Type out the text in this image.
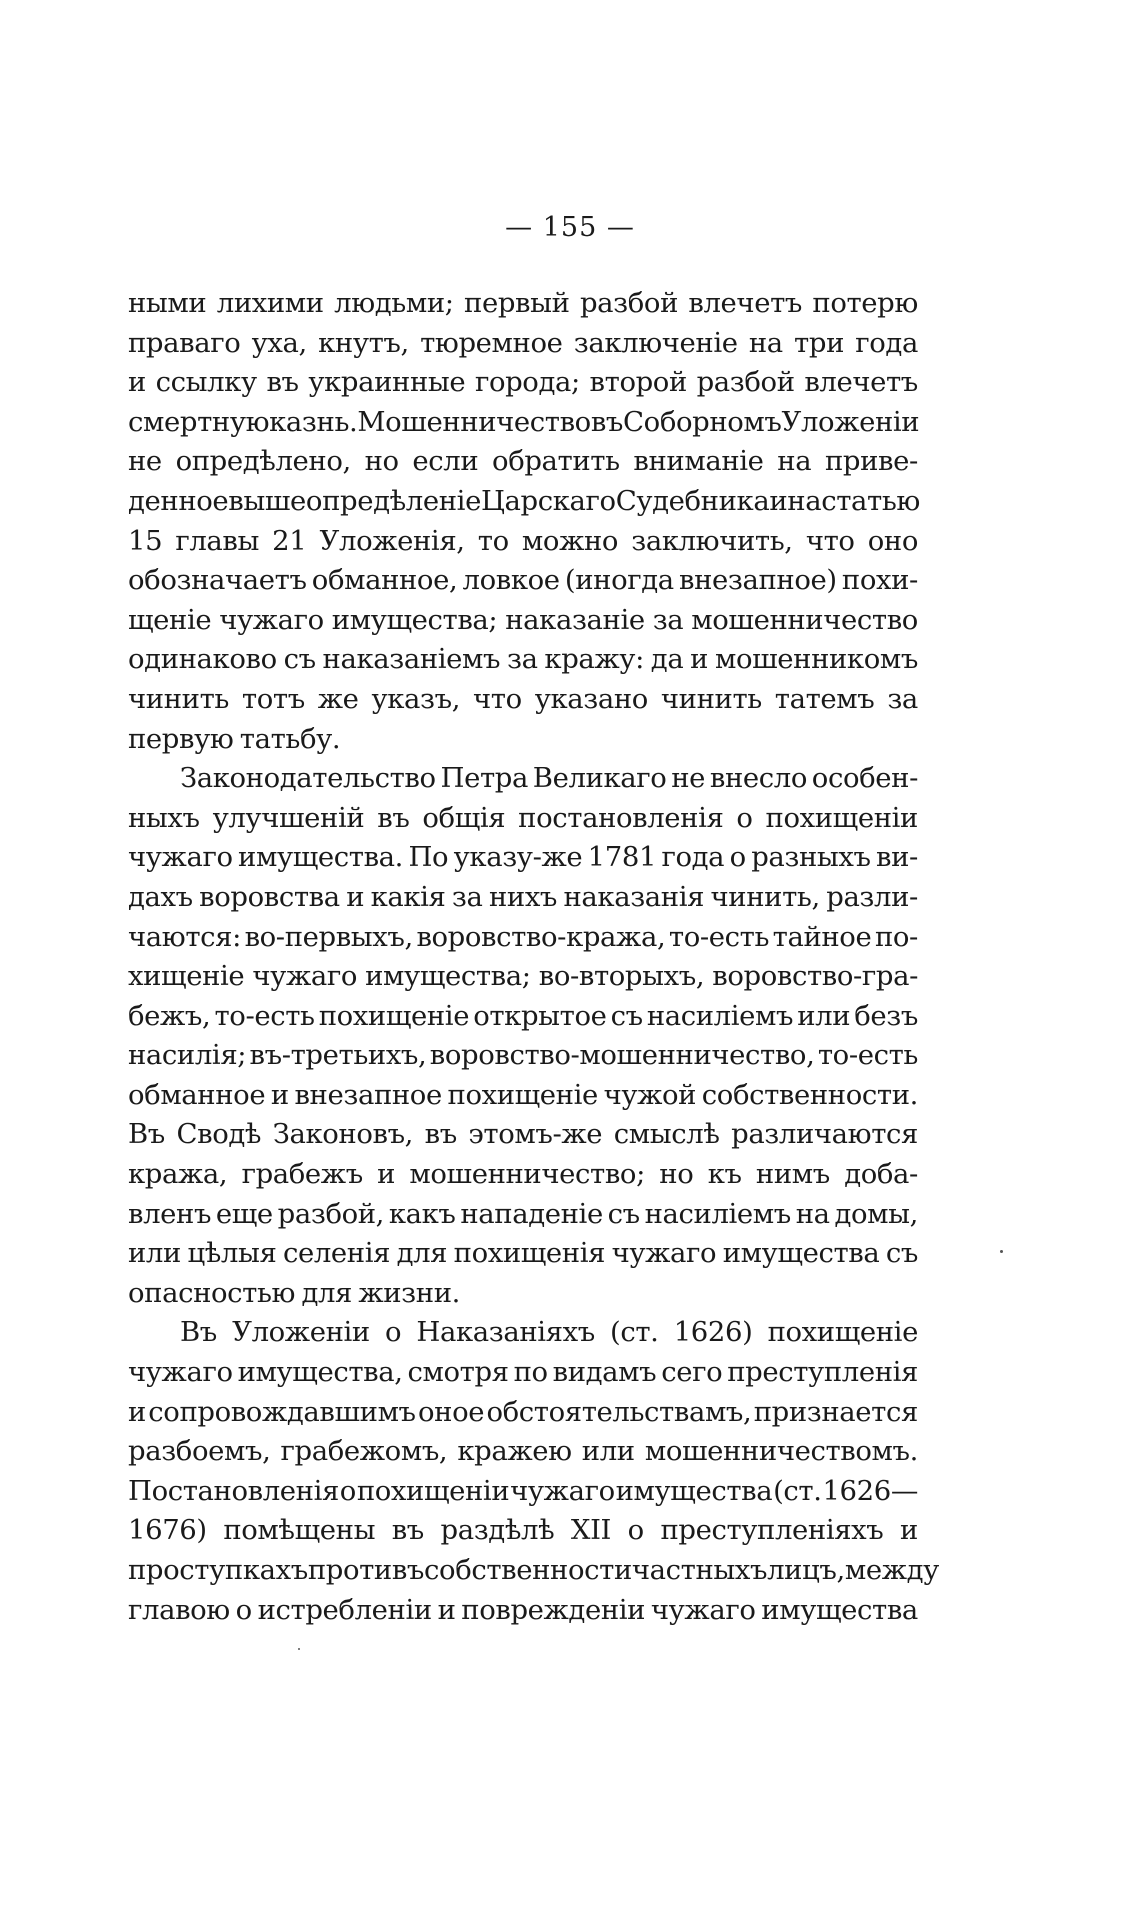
— 155 —
ными лихими людьми; первый разбой влечетъ потерю
праваго уха, кнутъ, тюремное заключеніе на три года
и ссылку въ украинные города; второй разбой влечетъ
смертную казнь. Мошенничество въ Соборномъ Уложеніи
не опредѣлено, но если обратить вниманіе на приве-
денное выше опредѣленіе Царскаго Судебника и на статью
15 главы 21 Уложенія, то можно заключить, что оно
обозначаетъ обманное, ловкое (иногда внезапное) похи-
щеніе чужаго имущества; наказаніе за мошенничество
одинаково съ наказаніемъ за кражу: да и мошенникомъ
чинить тотъ же указъ, что указано чинить татемъ за
первую
татьбу.
Законодательство Петра Великаго не внесло особен-
ныхъ улучшеній въ общія постановленія о похищеніи
чужаго имущества. По указу-же 1781 года о разныхъ ви-
дахъ воровства и какія за нихъ наказанія чинить, разли-
чаются: во-первыхъ, воровство-кража, то-есть тайное по-
хищеніе чужаго имущества; во-вторыхъ, воровство-гра-
бежъ, то-есть похищеніе открытое съ насиліемъ или безъ
насилія; въ-третьихъ, воровство-мошенничество, то-есть
обманное и внезапное похищеніе чужой собственности.
Въ Сводѣ Законовъ, въ этомъ-же смыслѣ различаются
кража, грабежъ и мошенничество; но къ нимъ доба-
вленъ еще разбой, какъ нападеніе съ насиліемъ на домы,
или цѣлыя селенія для похищенія чужаго имущества съ
опасностью
для
жизни.
Въ Уложеніи о Наказаніяхъ (ст. 1626) похищеніе
чужаго имущества, смотря по видамъ сего преступленія
и сопровождавшимъ оное обстоятельствамъ, признается
разбоемъ, грабежомъ, кражею или мошенничествомъ.
Постановленія о похищеніи чужаго имущества (ст. 1626—
1676) помѣщены въ раздѣлѣ XII о преступленіяхъ и
проступкахъ противъ собственности частныхъ лицъ, между
главою о истребленіи и поврежденіи чужаго имущества
